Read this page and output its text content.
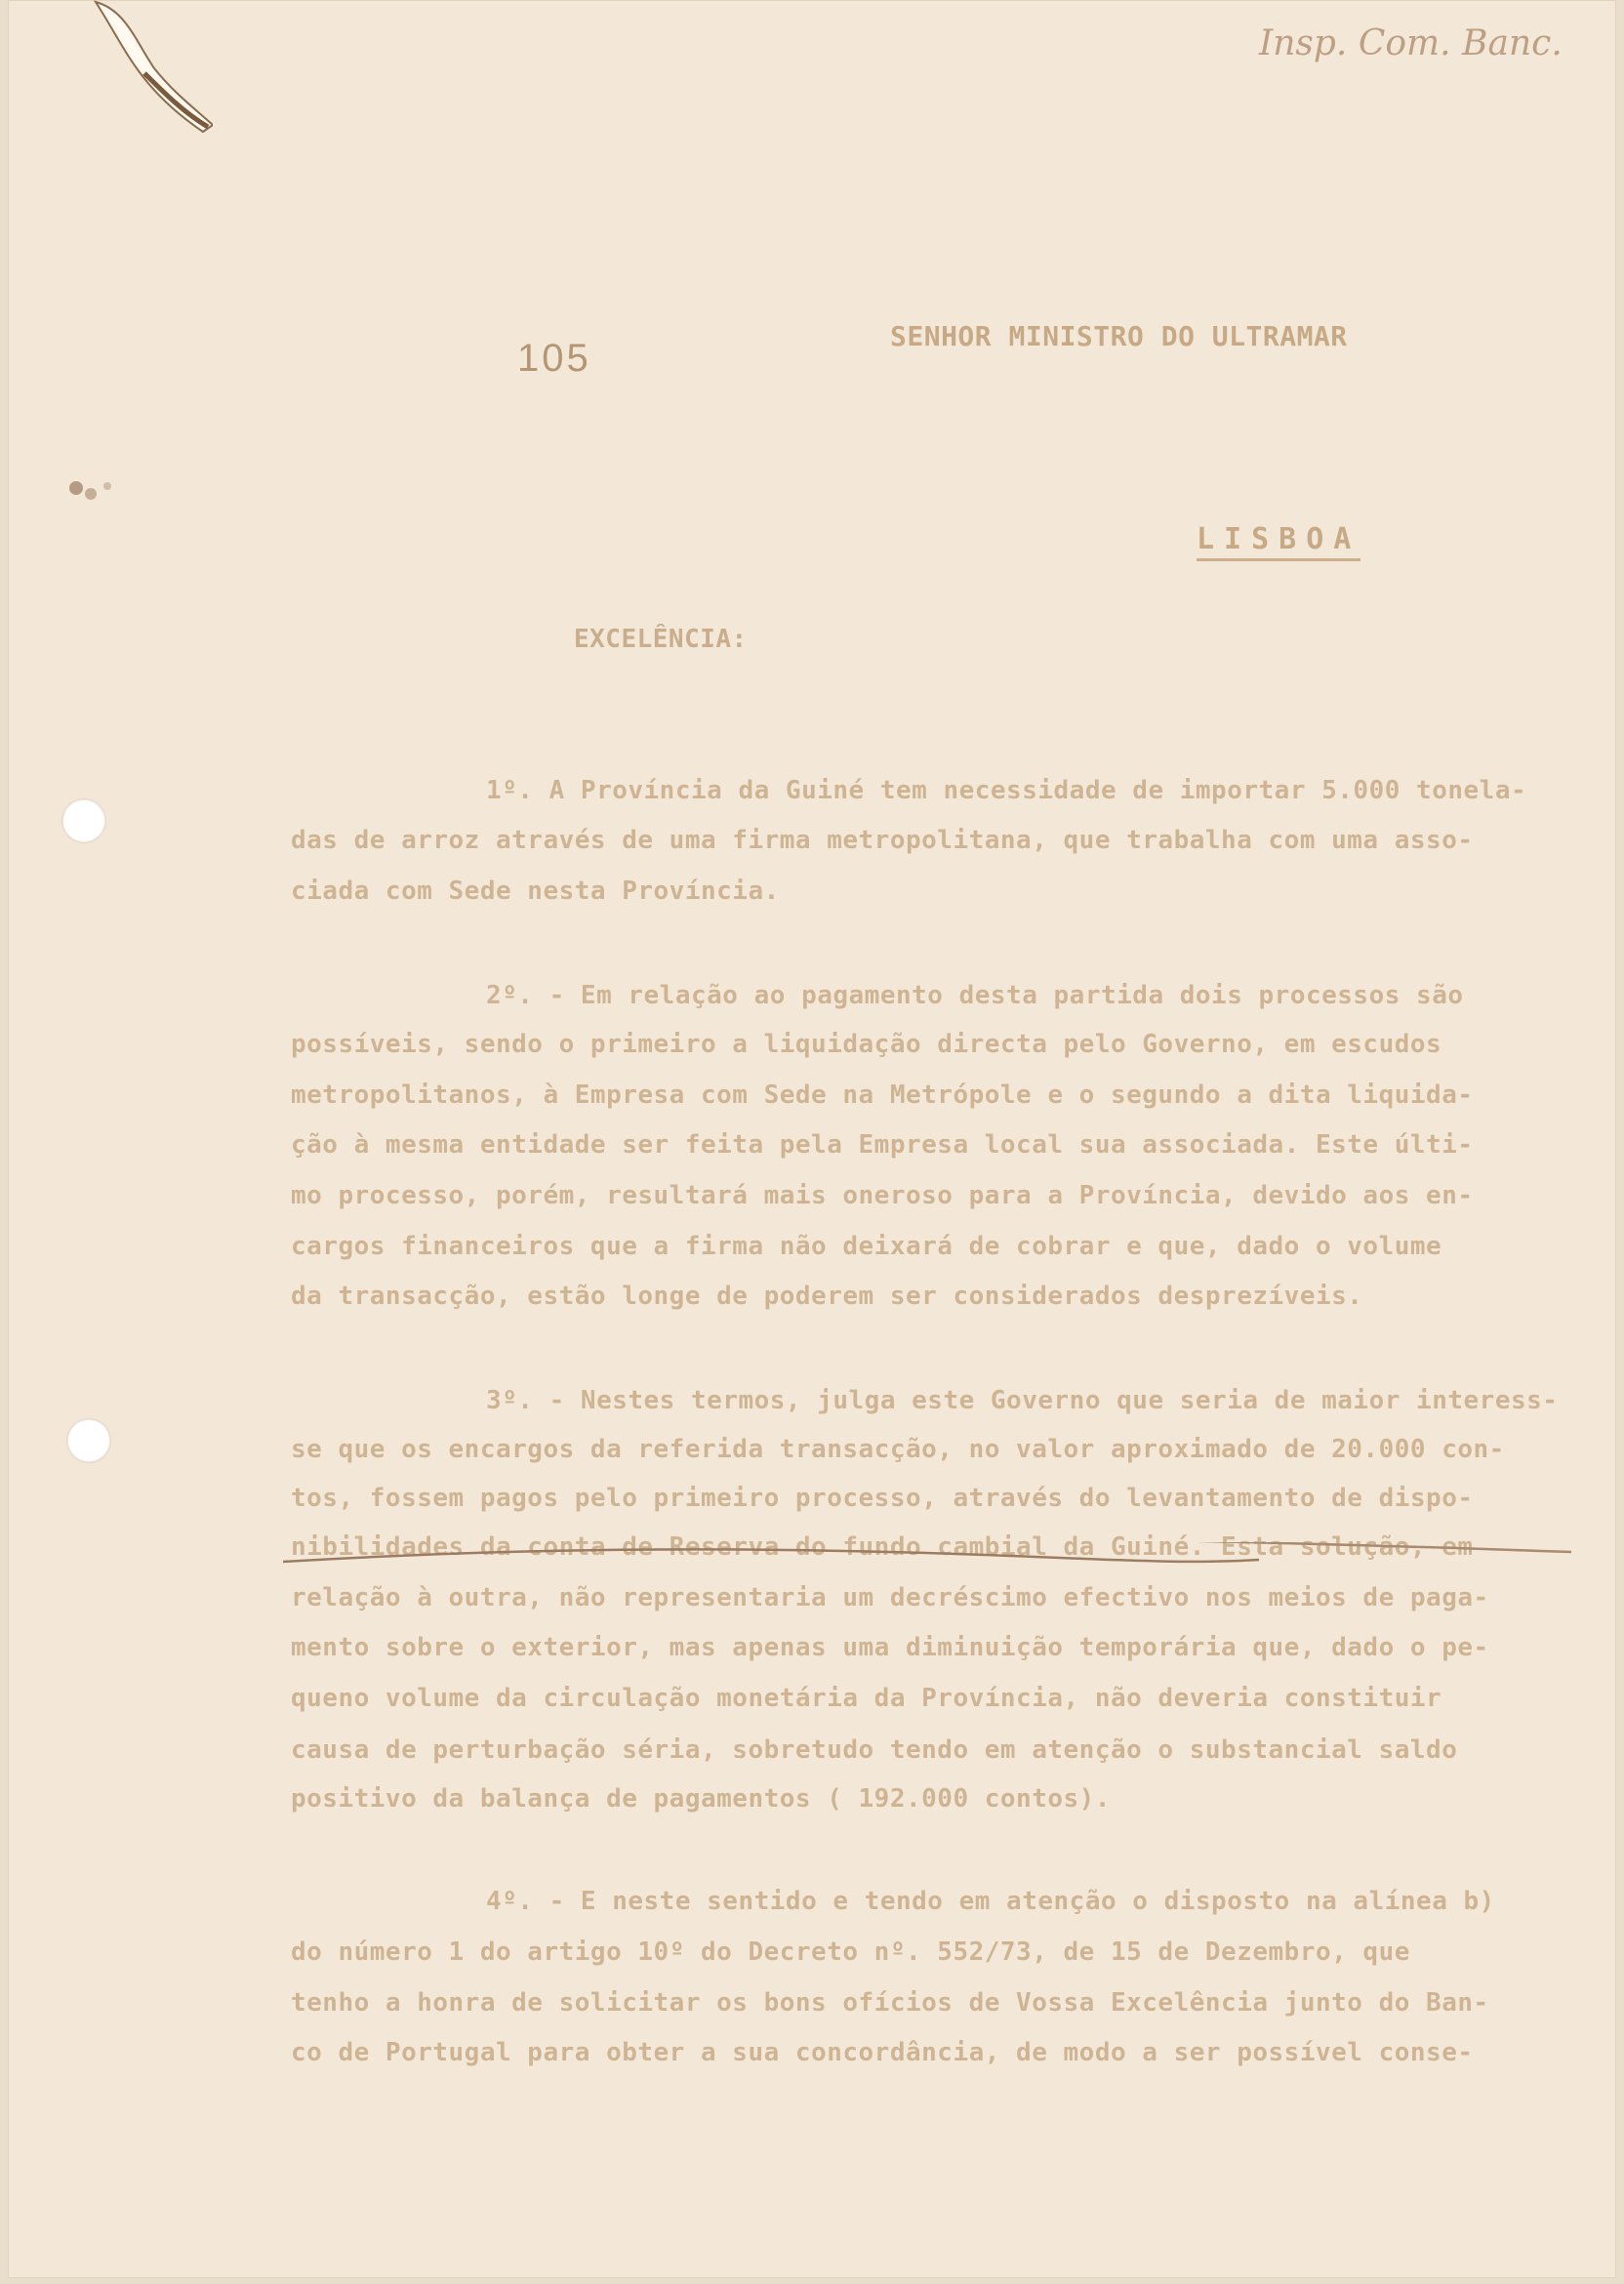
Insp. Com. Banc.
105
SENHOR MINISTRO DO ULTRAMAR
LISBOA
EXCELÊNCIA:
1º. A Província da Guiné tem necessidade de importar 5.000 tonela-
das de arroz através de uma firma metropolitana, que trabalha com uma asso-
ciada com Sede nesta Província.
2º. - Em relação ao pagamento desta partida dois processos são
possíveis, sendo o primeiro a liquidação directa pelo Governo, em escudos
metropolitanos, à Empresa com Sede na Metrópole e o segundo a dita liquida-
ção à mesma entidade ser feita pela Empresa local sua associada. Este últi-
mo processo, porém, resultará mais oneroso para a Província, devido aos en-
cargos financeiros que a firma não deixará de cobrar e que, dado o volume
da transacção, estão longe de poderem ser considerados desprezíveis.
3º. - Nestes termos, julga este Governo que seria de maior interess-
se que os encargos da referida transacção, no valor aproximado de 20.000 con-
tos, fossem pagos pelo primeiro processo, através do levantamento de dispo-
nibilidades da conta de Reserva do fundo cambial da Guiné. Esta solução, em
relação à outra, não representaria um decréscimo efectivo nos meios de paga-
mento sobre o exterior, mas apenas uma diminuição temporária que, dado o pe-
queno volume da circulação monetária da Província, não deveria constituir
causa de perturbação séria, sobretudo tendo em atenção o substancial saldo
positivo da balança de pagamentos ( 192.000 contos).
4º. - E neste sentido e tendo em atenção o disposto na alínea b)
do número 1 do artigo 10º do Decreto nº. 552/73, de 15 de Dezembro, que
tenho a honra de solicitar os bons ofícios de Vossa Excelência junto do Ban-
co de Portugal para obter a sua concordância, de modo a ser possível conse-
